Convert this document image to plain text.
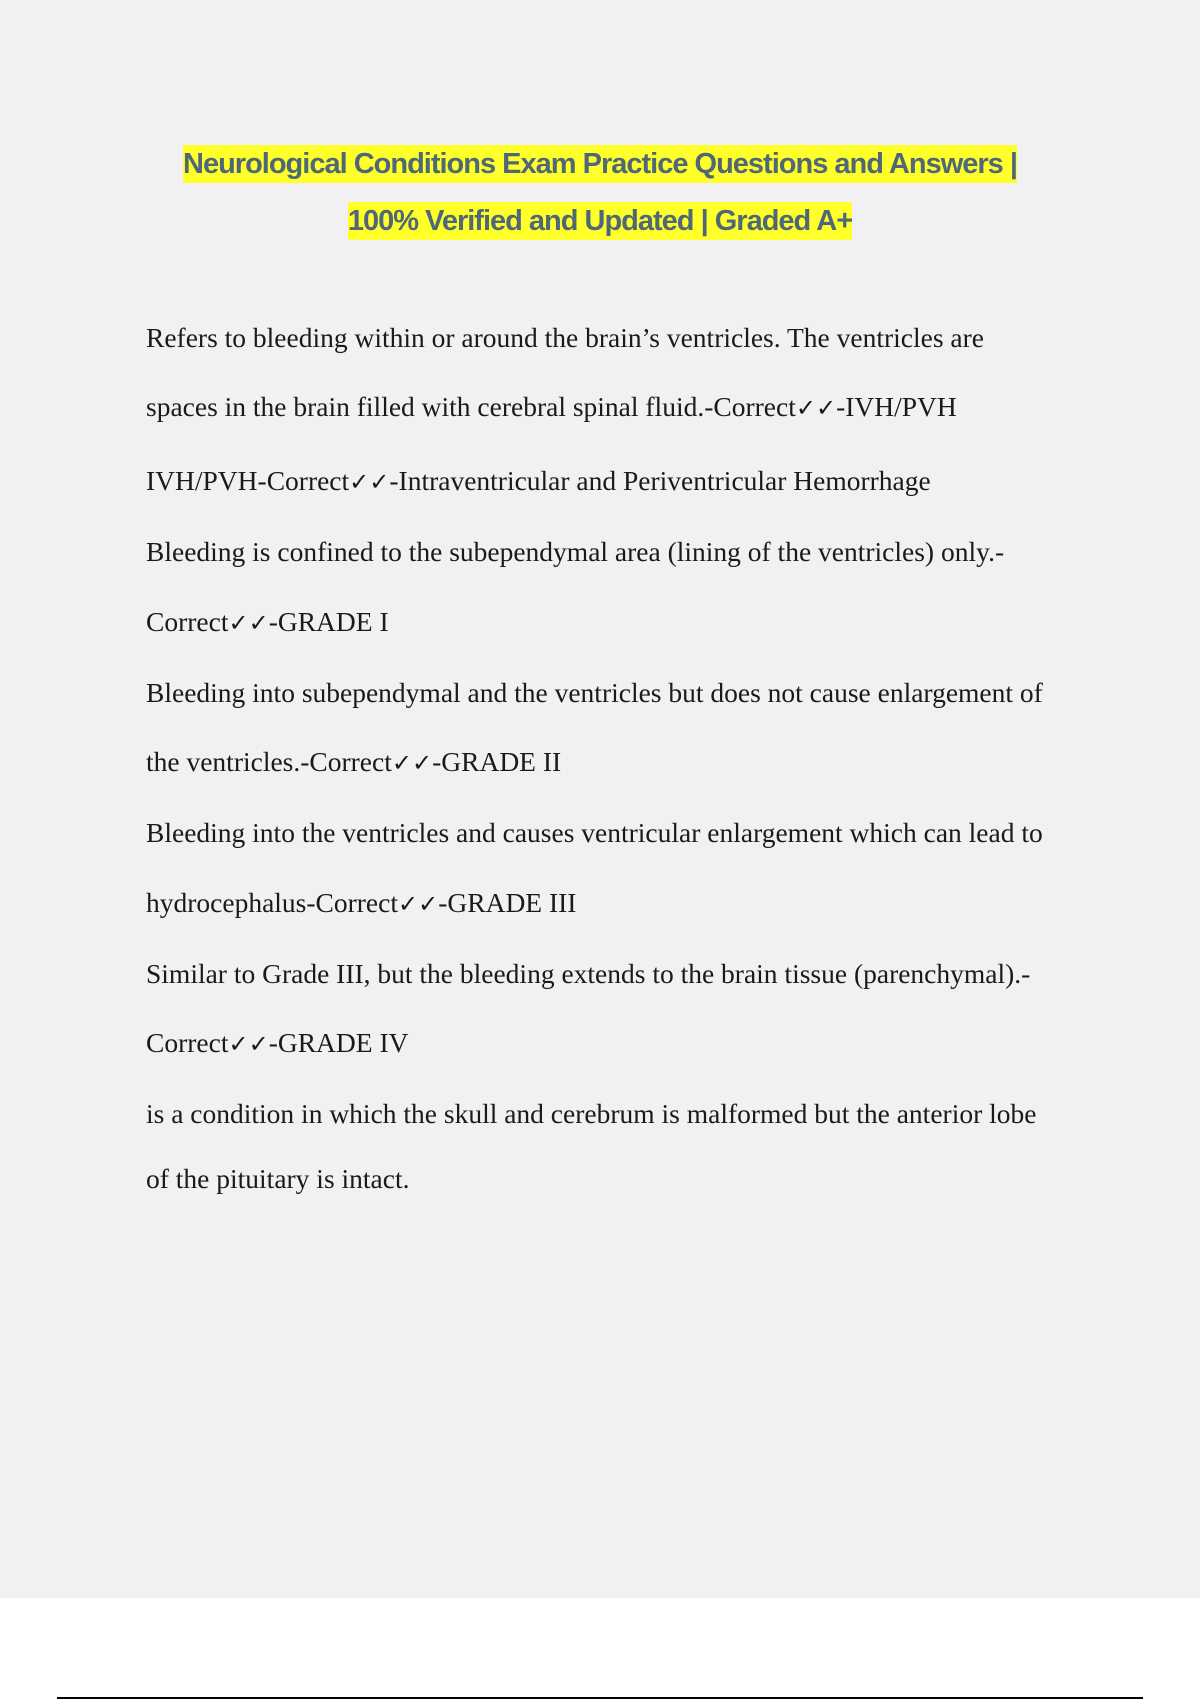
Neurological Conditions Exam Practice Questions and Answers |
100% Verified and Updated | Graded A+

Refers to bleeding within or around the brain’s ventricles. The ventricles are

spaces in the brain filled with cerebral spinal fluid.-Correct✓✓-IVH/PVH

IVH/PVH-Correct✓✓-Intraventricular and Periventricular Hemorrhage

Bleeding is confined to the subependymal area (lining of the ventricles) only.-

Correct✓✓-GRADE I

Bleeding into subependymal and the ventricles but does not cause enlargement of

the ventricles.-Correct✓✓-GRADE II

Bleeding into the ventricles and causes ventricular enlargement which can lead to

hydrocephalus-Correct✓✓-GRADE III

Similar to Grade III, but the bleeding extends to the brain tissue (parenchymal).-

Correct✓✓-GRADE IV

is a condition in which the skull and cerebrum is malformed but the anterior lobe

of the pituitary is intact.
